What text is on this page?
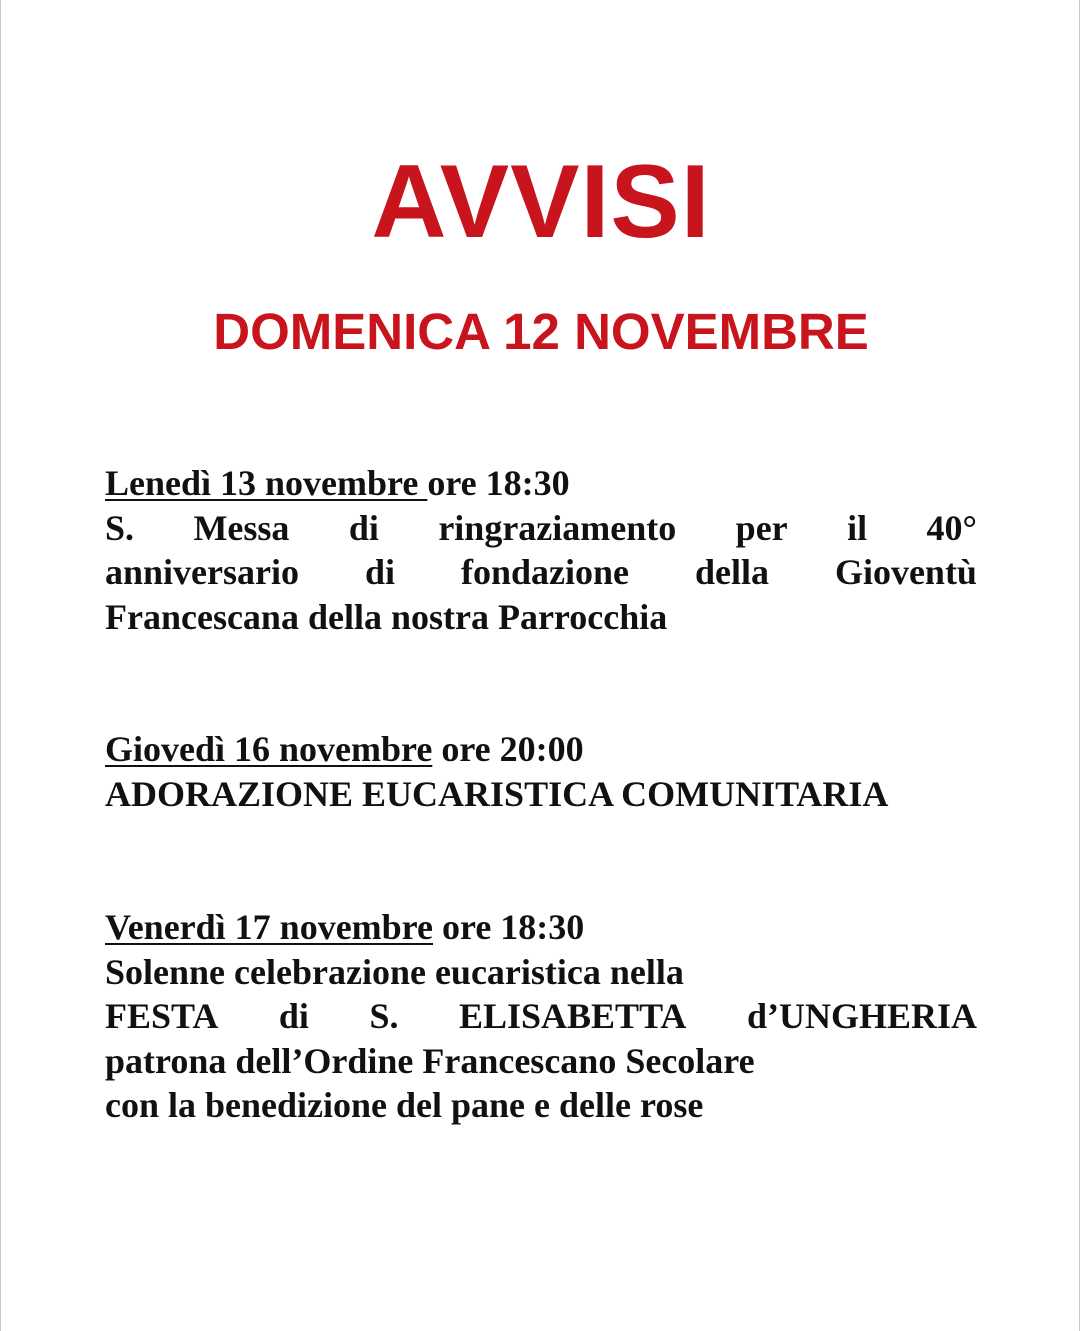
AVVISI
DOMENICA 12 NOVEMBRE
Lenedì 13 novembre ore 18:30
S. Messa di ringraziamento per il 40°
anniversario di fondazione della Gioventù
Francescana della nostra Parrocchia
Giovedì 16 novembre ore 20:00
ADORAZIONE EUCARISTICA COMUNITARIA
Venerdì 17 novembre ore 18:30
Solenne celebrazione eucaristica nella
FESTA di S. ELISABETTA d’UNGHERIA
patrona dell’Ordine Francescano Secolare
con la benedizione del pane e delle rose
